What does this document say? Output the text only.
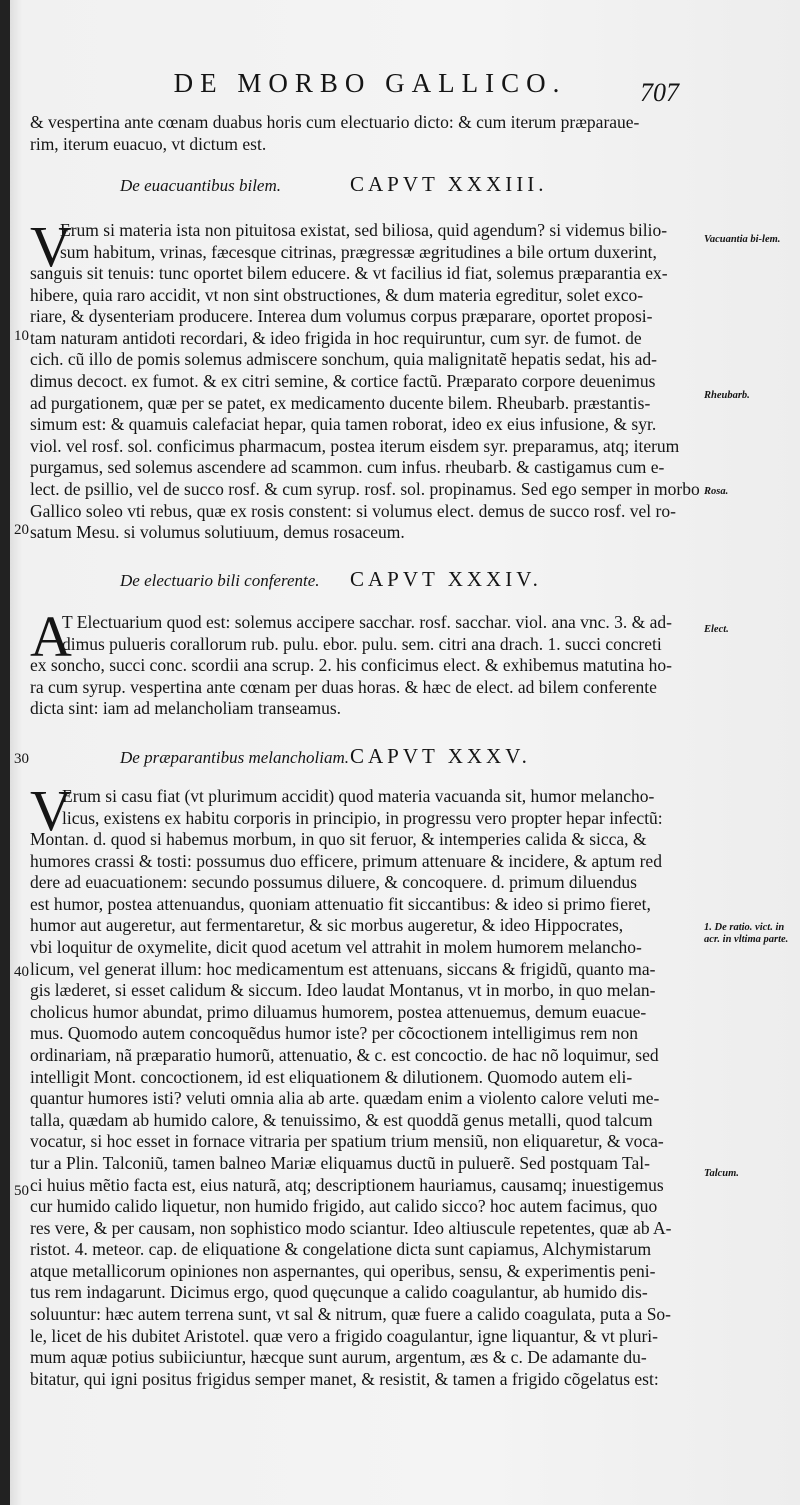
DE MORBO GALLICO.	707
& vespertina ante cœnam duabus horis cum electuario dicto: & cum iterum præparaue-
rim, iterum euacuo, vt dictum est.
De euacuantibus bilem.	CAPVT XXXIII.
V
Erum si materia ista non pituitosa existat, sed biliosa, quid agendum? si videmus bilio-
sum habitum, vrinas, fæcesque citrinas, prægressæ ægritudines a bile ortum duxerint,
sanguis sit tenuis: tunc oportet bilem educere. & vt facilius id fiat, solemus præparantia ex-
hibere, quia raro accidit, vt non sint obstructiones, & dum materia egreditur, solet exco-
riare, & dysenteriam producere. Interea dum volumus corpus præparare, oportet proposi-
tam naturam antidoti recordari, & ideo frigida in hoc requiruntur, cum syr. de fumot. de
cich. cũ illo de pomis solemus admiscere sonchum, quia malignitatẽ hepatis sedat, his ad-
dimus decoct. ex fumot. & ex citri semine, & cortice factũ. Præparato corpore deuenimus
ad purgationem, quæ per se patet, ex medicamento ducente bilem. Rheubarb. præstantis-
simum est: & quamuis calefaciat hepar, quia tamen roborat, ideo ex eius infusione, & syr.
viol. vel rosf. sol. conficimus pharmacum, postea iterum eisdem syr. preparamus, atq; iterum
purgamus, sed solemus ascendere ad scammon. cum infus. rheubarb. & castigamus cum e-
lect. de psillio, vel de succo rosf. & cum syrup. rosf. sol. propinamus. Sed ego semper in morbo
Gallico soleo vti rebus, quæ ex rosis constent: si volumus elect. demus de succo rosf. vel ro-
satum Mesu. si volumus solutiuum, demus rosaceum.
De electuario bili conferente. CAPVT XXXIV.
A
T Electuarium quod est: solemus accipere sacchar. rosf. sacchar. viol. ana vnc. 3. & ad-
dimus pulueris corallorum rub. pulu. ebor. pulu. sem. citri ana drach. 1. succi concreti
ex soncho, succi conc. scordii ana scrup. 2. his conficimus elect. & exhibemus matutina ho-
ra cum syrup. vespertina ante cœnam per duas horas. & hæc de elect. ad bilem conferente
dicta sint: iam ad melancholiam transeamus.
De præparantibus melancholiam. CAPVT XXXV.
V
Erum si casu fiat (vt plurimum accidit) quod materia vacuanda sit, humor melancho-
licus, existens ex habitu corporis in principio, in progressu vero propter hepar infectũ:
Montan. d. quod si habemus morbum, in quo sit feruor, & intemperies calida & sicca, &
humores crassi & tosti: possumus duo efficere, primum attenuare & incidere, & aptum red
dere ad euacuationem: secundo possumus diluere, & concoquere. d. primum diluendus
est humor, postea attenuandus, quoniam attenuatio fit siccantibus: & ideo si primo fieret,
humor aut augeretur, aut fermentaretur, & sic morbus augeretur, & ideo Hippocrates,
vbi loquitur de oxymelite, dicit quod acetum vel attrahit in molem humorem melancho-
licum, vel generat illum: hoc medicamentum est attenuans, siccans & frigidũ, quanto ma-
gis læderet, si esset calidum & siccum. Ideo laudat Montanus, vt in morbo, in quo melan-
cholicus humor abundat, primo diluamus humorem, postea attenuemus, demum euacue-
mus. Quomodo autem concoquẽdus humor iste? per cõcoctionem intelligimus rem non
ordinariam, nã præparatio humorũ, attenuatio, & c. est concoctio. de hac nõ loquimur, sed
intelligit Mont. concoctionem, id est eliquationem & dilutionem. Quomodo autem eli-
quantur humores isti? veluti omnia alia ab arte. quædam enim a violento calore veluti me-
talla, quædam ab humido calore, & tenuissimo, & est quoddã genus metalli, quod talcum
vocatur, si hoc esset in fornace vitraria per spatium trium mensiũ, non eliquaretur, & voca-
tur a Plin. Talconiũ, tamen balneo Mariæ eliquamus ductũ in puluerẽ. Sed postquam Tal-
ci huius mẽtio facta est, eius naturã, atq; descriptionem hauriamus, causamq; inuestigemus
cur humido calido liquetur, non humido frigido, aut calido sicco? hoc autem facimus, quo
res vere, & per causam, non sophistico modo sciantur. Ideo altiuscule repetentes, quæ ab A-
ristot. 4. meteor. cap. de eliquatione & congelatione dicta sunt capiamus, Alchymistarum
atque metallicorum opiniones non aspernantes, qui operibus, sensu, & experimentis peni-
tus rem indagarunt. Dicimus ergo, quod quęcunque a calido coagulantur, ab humido dis-
soluuntur: hæc autem terrena sunt, vt sal & nitrum, quæ fuere a calido coagulata, puta a So-
le, licet de his dubitet Aristotel. quæ vero a frigido coagulantur, igne liquantur, & vt pluri-
mum aquæ potius subiiciuntur, hæcque sunt aurum, argentum, æs & c. De adamante du-
bitatur, qui igni positus frigidus semper manet, & resistit, & tamen a frigido cõgelatus est:
Vacuantia bi-lem.
Rheubarb.
Rosa.
Elect.
1. De ratio. vict. in acr. in vltima parte.
Talcum.
10
20
30
40
50
